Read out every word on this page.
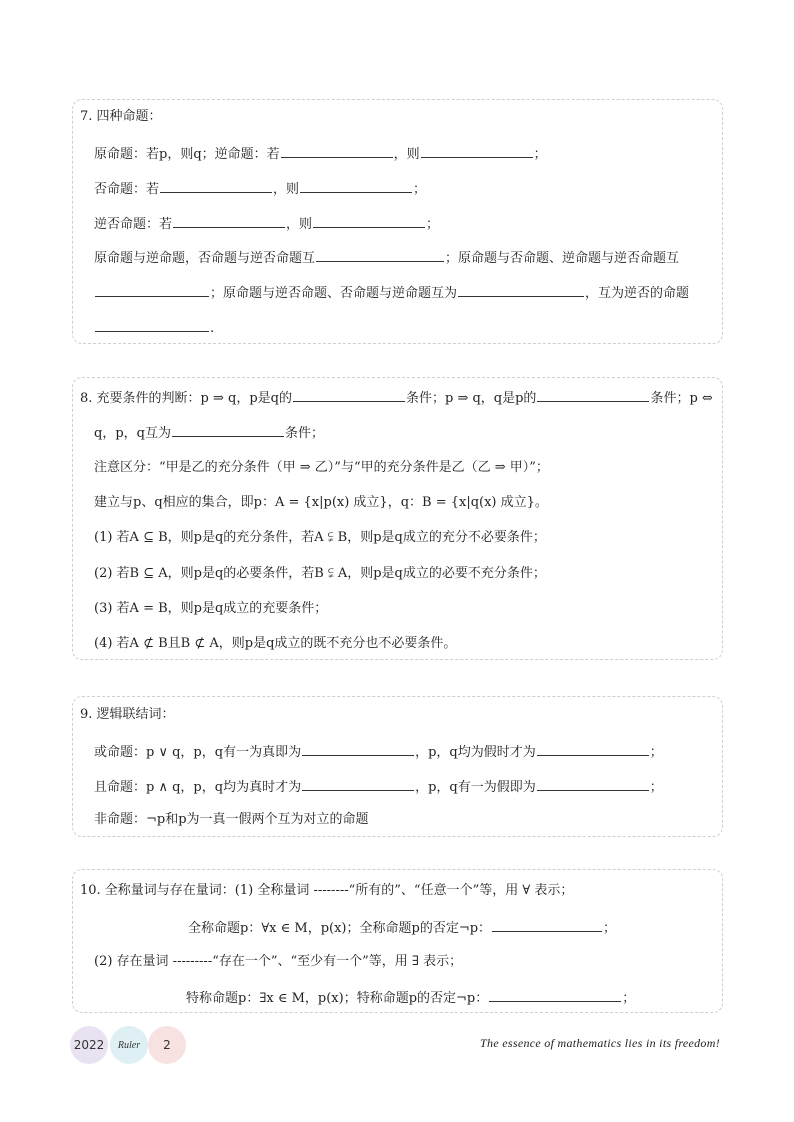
7. 四种命题：
原命题：若p，则q；逆命题：若	，则	；
否命题：若	，则	；
逆否命题：若	，则	；
原命题与逆命题，否命题与逆否命题互	；原命题与否命题、逆命题与逆否命题互
；原命题与逆否命题、否命题与逆命题互为	，互为逆否的命题
.
8. 充要条件的判断：p ⇒ q，p是q的	条件；p ⇒ q，q是p的	条件；p ⇔
q，p，q互为	条件；
注意区分：“甲是乙的充分条件（甲 ⇒ 乙）”与“甲的充分条件是乙（乙 ⇒ 甲）”；
建立与p、q相应的集合，即p：A = {x|p(x) 成立}，q：B = {x|q(x) 成立}。
(1) 若A ⊆ B，则p是q的充分条件，若A ⫋ B，则p是q成立的充分不必要条件；
(2) 若B ⊆ A，则p是q的必要条件，若B ⫋ A，则p是q成立的必要不充分条件；
(3) 若A = B，则p是q成立的充要条件；
(4) 若A ⊄ B且B ⊄ A，则p是q成立的既不充分也不必要条件。
9. 逻辑联结词：
或命题：p ∨ q，p，q有一为真即为	，p，q均为假时才为	；
且命题：p ∧ q，p，q均为真时才为	，p，q有一为假即为	；
非命题：¬p和p为一真一假两个互为对立的命题
10. 全称量词与存在量词：(1) 全称量词 --------“所有的”、“任意一个”等，用 ∀ 表示；
全称命题p：∀x ∈ M，p(x)；全称命题p的否定¬p：	；
(2) 存在量词 ---------“存在一个”、“至少有一个”等，用 ∃ 表示；
特称命题p：∃x ∈ M，p(x)；特称命题p的否定¬p：	；
2022	Ruler	2	The essence of mathematics lies in its freedom!
